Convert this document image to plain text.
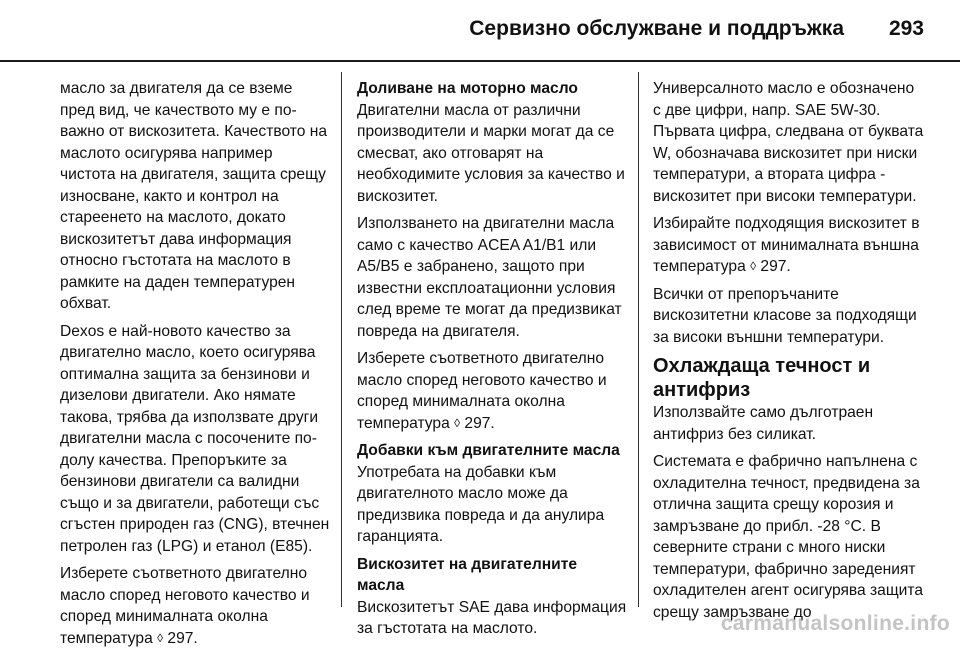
Сервизно обслужване и поддръжка 293

масло за двигателя да се вземе пред вид, че качеството му е по-важно от вискозитета. Качеството на маслото осигурява например чистота на двигателя, защита срещу износване, както и контрол на стареенето на маслото, докато вискозитетът дава информация относно гъстотата на маслото в рамките на даден температурен обхват.

Dexos е най-новото качество за двигателно масло, което осигурява оптимална защита за бензинови и дизелови двигатели. Ако нямате такова, трябва да използвате други двигателни масла с посочените по-долу качества. Препоръките за бензинови двигатели са валидни също и за двигатели, работещи със сгъстен природен газ (CNG), втечнен петролен газ (LPG) и етанол (E85).

Изберете съответното двигателно масло според неговото качество и според минималната околна температура ◊ 297.

Доливане на моторно масло

Двигателни масла от различни производители и марки могат да се смесват, ако отговарят на необходимите условия за качество и вискозитет.

Използването на двигателни масла само с качество ACEA A1/B1 или A5/B5 е забранено, защото при известни експлоатационни условия след време те могат да предизвикат повреда на двигателя.

Изберете съответното двигателно масло според неговото качество и според минималната околна температура ◊ 297.

Добавки към двигателните масла

Употребата на добавки към двигателното масло може да предизвика повреда и да анулира гаранцията.

Вискозитет на двигателните масла

Вискозитетът SAE дава информация за гъстотата на маслото.

Универсалното масло е обозначено с две цифри, напр. SAE 5W-30. Първата цифра, следвана от буквата W, обозначава вискозитет при ниски температури, а втората цифра - вискозитет при високи температури.

Избирайте подходящия вискозитет в зависимост от минималната външна температура ◊ 297.

Всички от препоръчаните вискозитетни класове за подходящи за високи външни температури.

Охлаждаща течност и антифриз

Използвайте само дълготраен антифриз без силикат.

Системата е фабрично напълнена с охладителна течност, предвидена за отлична защита срещу корозия и замръзване до прибл. -28 °C. В северните страни с много ниски температури, фабрично зареденият охладителен агент осигурява защита срещу замръзване до

carmanualsonline.info
